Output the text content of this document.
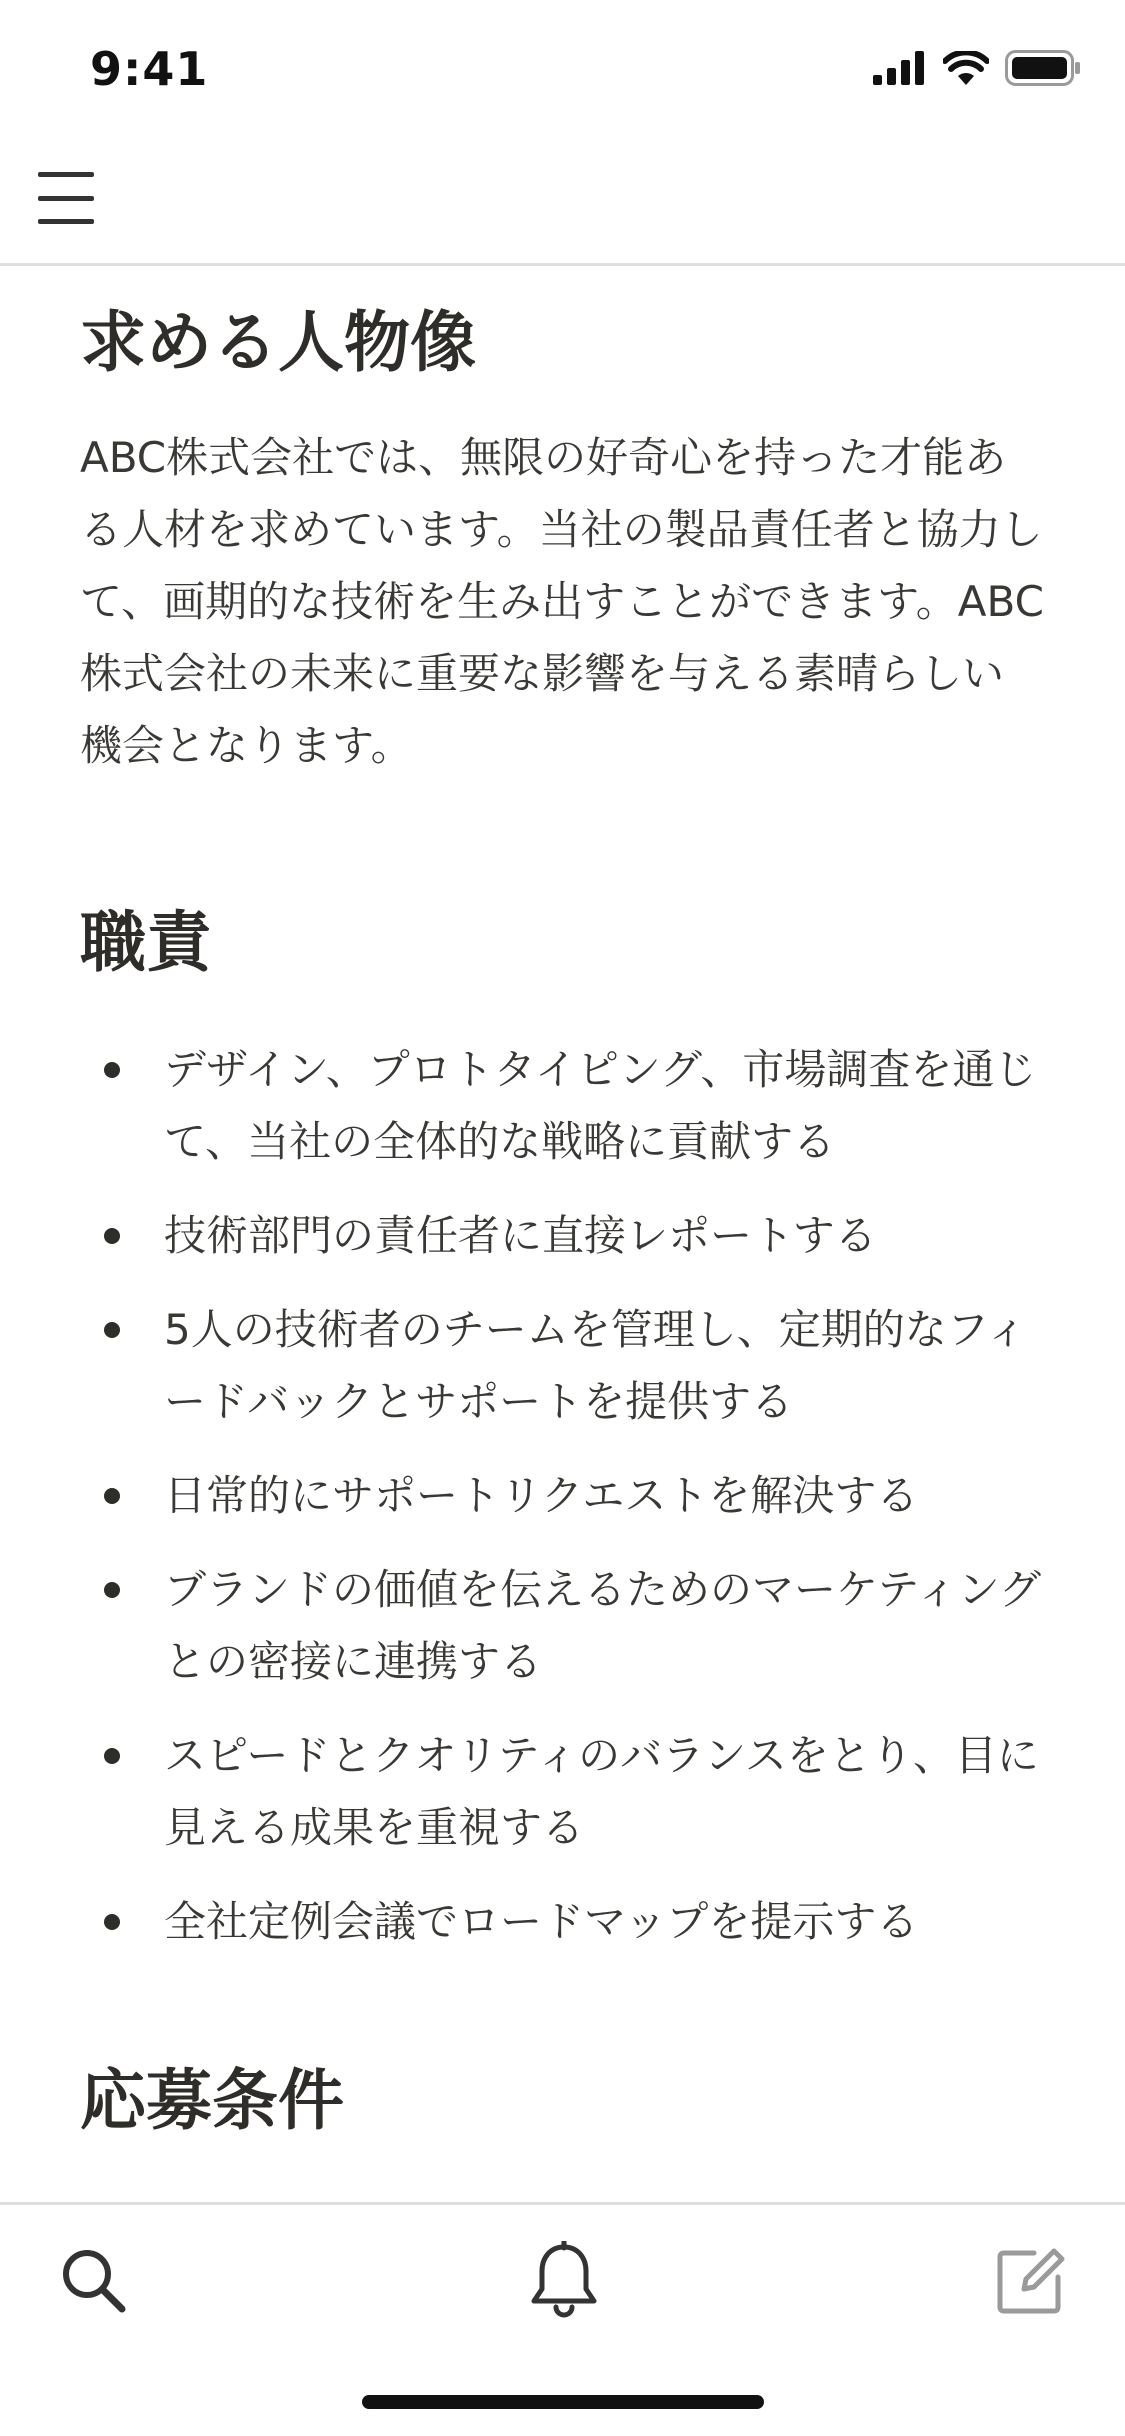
9:41
求める人物像

ABC株式会社では、無限の好奇心を持った才能ある人材を求めています。当社の製品責任者と協力して、画期的な技術を生み出すことができます。ABC株式会社の未来に重要な影響を与える素晴らしい機会となります。

職責
デザイン、プロトタイピング、市場調査を通じて、当社の全体的な戦略に貢献する
技術部門の責任者に直接レポートする
5人の技術者のチームを管理し、定期的なフィードバックとサポートを提供する
日常的にサポートリクエストを解決する
ブランドの価値を伝えるためのマーケティングとの密接に連携する
スピードとクオリティのバランスをとり、目に見える成果を重視する
全社定例会議でロードマップを提示する
応募条件
